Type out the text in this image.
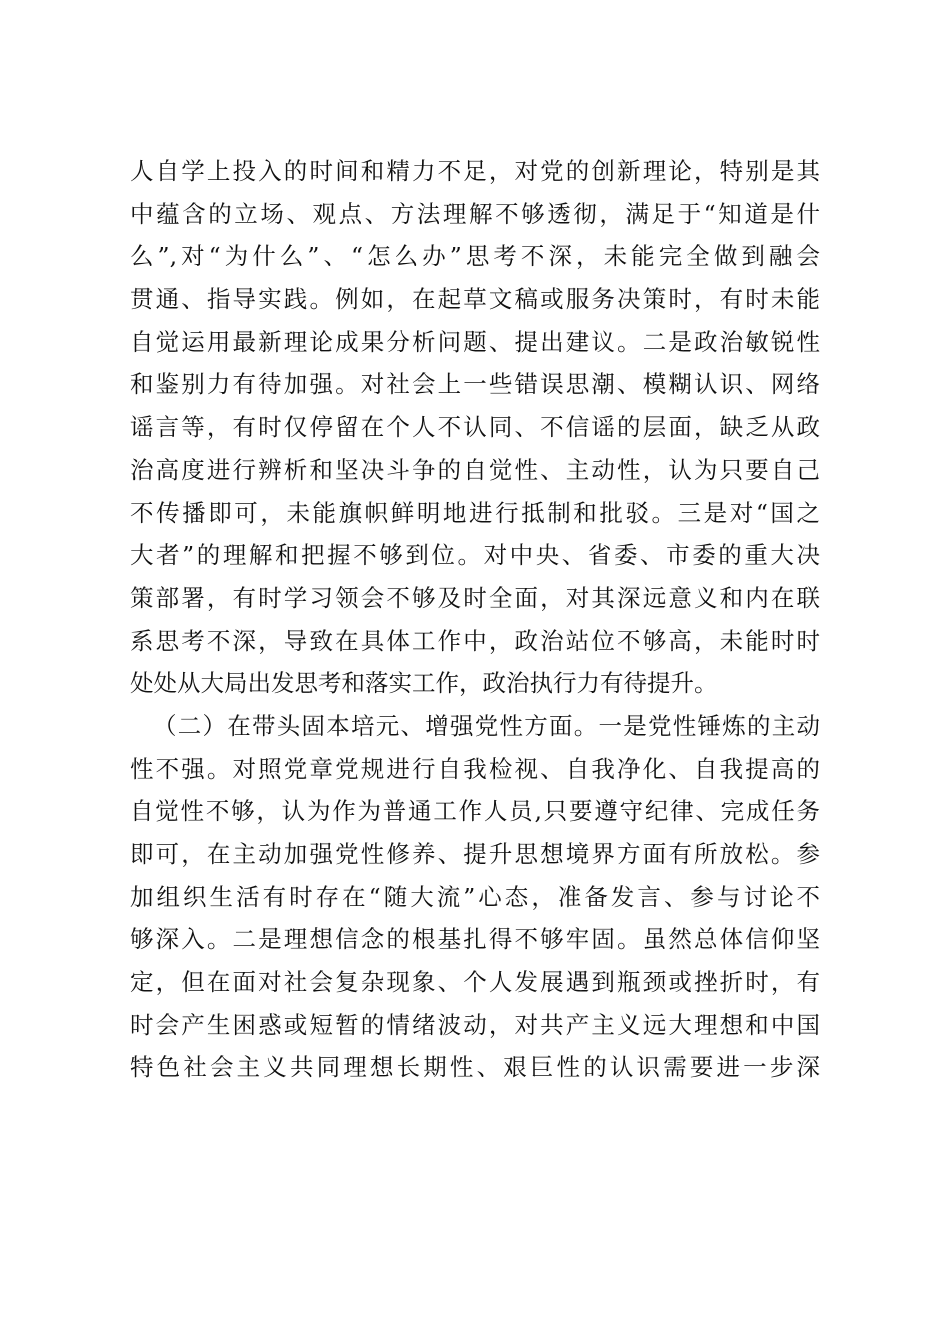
人自学上投入的时间和精力不足，对党的创新理论，特别是其
中蕴含的立场、观点、方法理解不够透彻，满足于“知道是什
么”,对“为什么”、“怎么办”思考不深，未能完全做到融会
贯通、指导实践。例如，在起草文稿或服务决策时，有时未能
自觉运用最新理论成果分析问题、提出建议。二是政治敏锐性
和鉴别力有待加强。对社会上一些错误思潮、模糊认识、网络
谣言等，有时仅停留在个人不认同、不信谣的层面，缺乏从政
治高度进行辨析和坚决斗争的自觉性、主动性，认为只要自己
不传播即可，未能旗帜鲜明地进行抵制和批驳。三是对“国之
大者”的理解和把握不够到位。对中央、省委、市委的重大决
策部署，有时学习领会不够及时全面，对其深远意义和内在联
系思考不深，导致在具体工作中，政治站位不够高，未能时时
处处从大局出发思考和落实工作，政治执行力有待提升。
（二）在带头固本培元、增强党性方面。一是党性锤炼的主动
性不强。对照党章党规进行自我检视、自我净化、自我提高的
自觉性不够，认为作为普通工作人员,只要遵守纪律、完成任务
即可，在主动加强党性修养、提升思想境界方面有所放松。参
加组织生活有时存在“随大流”心态，准备发言、参与讨论不
够深入。二是理想信念的根基扎得不够牢固。虽然总体信仰坚
定，但在面对社会复杂现象、个人发展遇到瓶颈或挫折时，有
时会产生困惑或短暂的情绪波动，对共产主义远大理想和中国
特色社会主义共同理想长期性、艰巨性的认识需要进一步深
